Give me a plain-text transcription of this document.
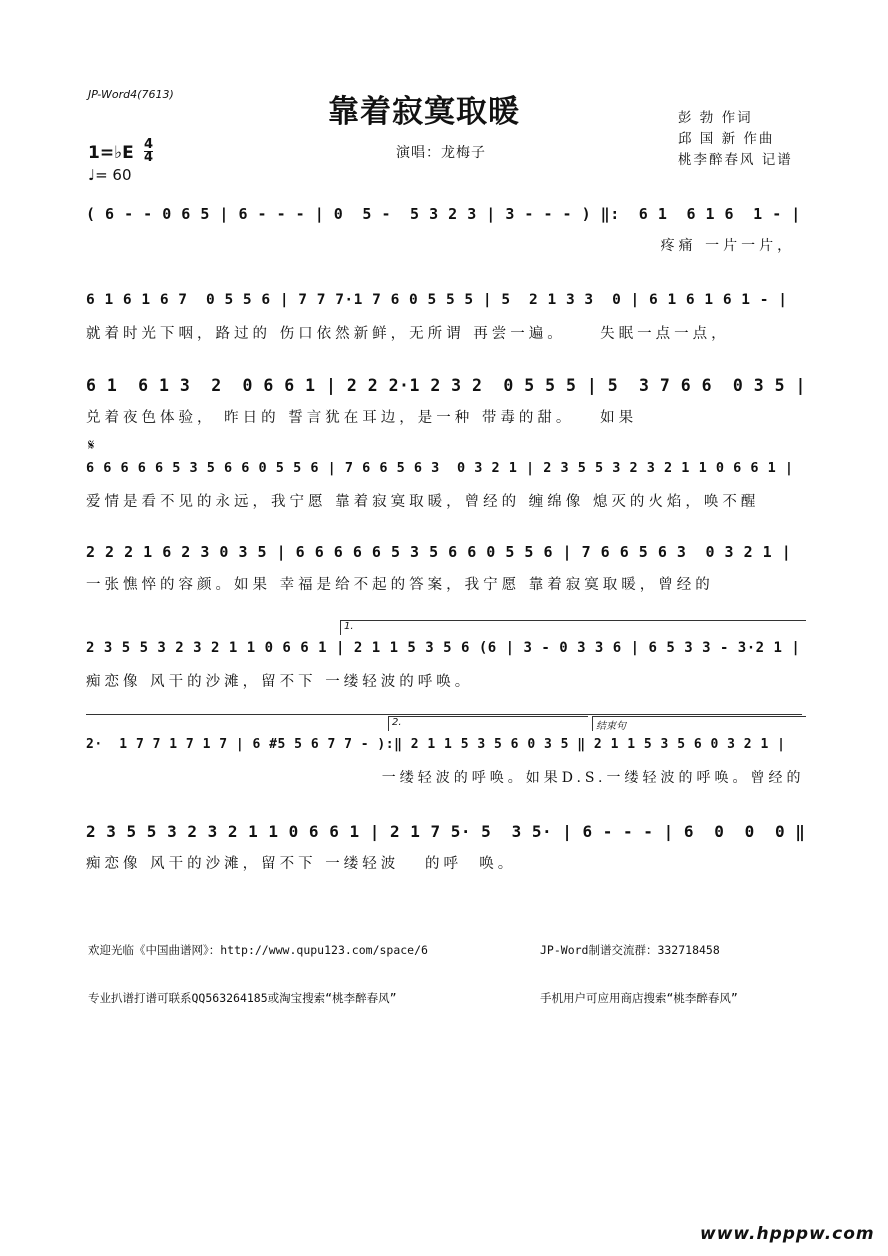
JP-Word4(7613)	靠着寂寞取暖	彭 勃 作词
邱 国 新 作曲
桃李醉春风 记谱
演唱：龙梅子
1=♭E 4
4
♩= 60
( 6 - - 0 6 5 | 6 - - - | 0  5 -  5 3 2 3 | 3 - - - ) ‖:  6 1  6 1 6  1 - |
疼痛 一片一片，
6 1 6 1 6 7  0 5 5 6 | 7 7 7·1 7 6 0 5 5 5 | 5  2 1 3 3  0 | 6 1 6 1 6 1 - |
就着时光下咽，路过的 伤口依然新鲜，无所谓 再尝一遍。    失眠一点一点，
6 1  6 1 3  2  0 6 6 1 | 2 2 2·1 2 3 2  0 5 5 5 | 5  3 7 6 6  0 3 5 |
兑着夜色体验， 昨日的 誓言犹在耳边，是一种 带毒的甜。   如果
𝄋
6 6 6 6 6 5 3 5 6 6 0 5 5 6 | 7 6 6 5 6 3  0 3 2 1 | 2 3 5 5 3 2 3 2 1 1 0 6 6 1 |
爱情是看不见的永远，我宁愿 靠着寂寞取暖，曾经的 缠绵像 熄灭的火焰，唤不醒
2 2 2 1 6 2 3 0 3 5 | 6 6 6 6 6 5 3 5 6 6 0 5 5 6 | 7 6 6 5 6 3  0 3 2 1 |
一张憔悴的容颜。如果 幸福是给不起的答案，我宁愿 靠着寂寞取暖，曾经的
1.
2 3 5 5 3 2 3 2 1 1 0 6 6 1 | 2 1 1 5 3 5 6 (6 | 3 - 0 3 3 6 | 6 5 3 3 - 3·2 1 |
痴恋像 风干的沙滩，留不下 一缕轻波的呼唤。
2.	结束句
2·  1 7 7 1 7 1 7 | 6 #5 5 6 7 7 - ):‖ 2 1 1 5 3 5 6 0 3 5 ‖ 2 1 1 5 3 5 6 0 3 2 1 |
一缕轻波的呼唤。如果D.S.一缕轻波的呼唤。曾经的
2 3 5 5 3 2 3 2 1 1 0 6 6 1 | 2 1 7 5· 5  3 5· | 6 - - - | 6  0  0  0 ‖
痴恋像 风干的沙滩，留不下 一缕轻波   的呼  唤。

欢迎光临《中国曲谱网》：http://www.qupu123.com/space/6

专业扒谱打谱可联系QQ563264185或淘宝搜索“桃李醉春风”

JP-Word制谱交流群：332718458

手机用户可应用商店搜索“桃李醉春风”

www.hpppw.com
